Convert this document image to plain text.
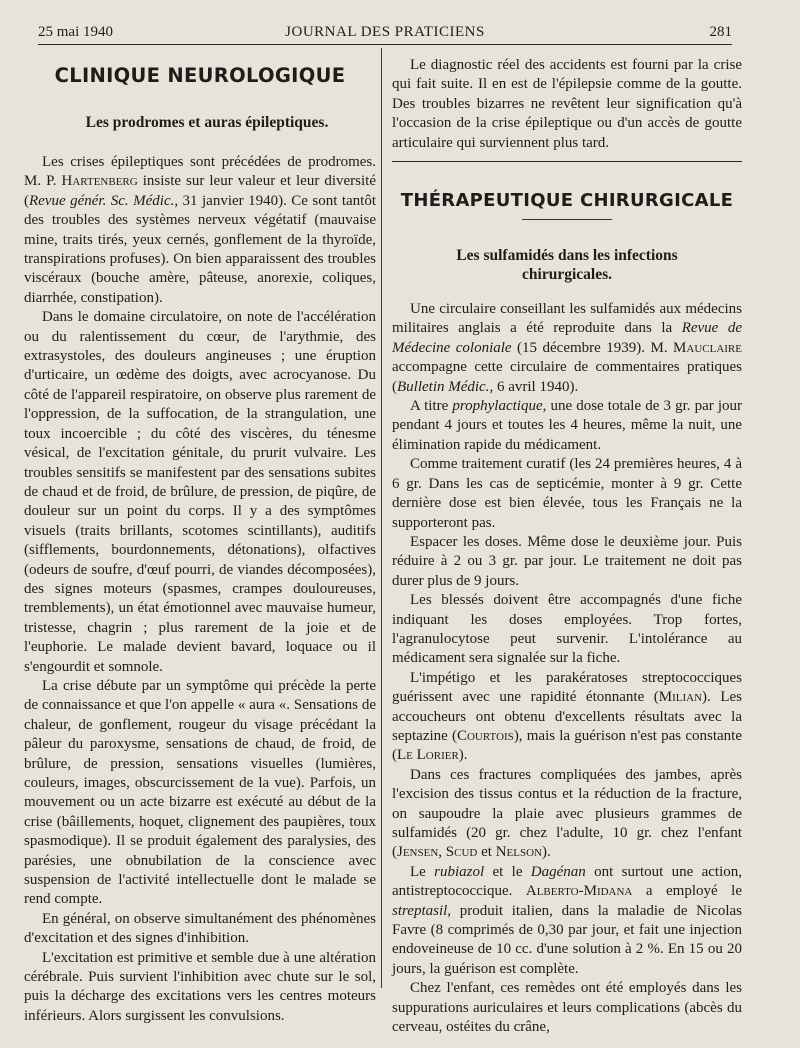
25 mai 1940	JOURNAL DES PRATICIENS	281
CLINIQUE NEUROLOGIQUE
Les prodromes et auras épileptiques.

Les crises épileptiques sont précédées de prodromes. M. P. Hartenberg insiste sur leur valeur et leur diversité (Revue génér. Sc. Médic., 31 janvier 1940). Ce sont tantôt des troubles des systèmes nerveux végétatif (mauvaise mine, traits tirés, yeux cernés, gonflement de la thyroïde, transpirations profuses). On bien apparaissent des troubles viscéraux (bouche amère, pâteuse, anorexie, coliques, diarrhée, constipation).

Dans le domaine circulatoire, on note de l'accélération ou du ralentissement du cœur, de l'arythmie, des extrasystoles, des douleurs angineuses ; une éruption d'urticaire, un œdème des doigts, avec acrocyanose. Du côté de l'appareil respiratoire, on observe plus rarement de l'oppression, de la suffocation, de la strangulation, une toux incoercible ; du côté des viscères, du ténesme vésical, de l'excitation génitale, du prurit vulvaire. Les troubles sensitifs se manifestent par des sensations subites de chaud et de froid, de brûlure, de pression, de piqûre, de douleur sur un point du corps. Il y a des symptômes visuels (traits brillants, scotomes scintillants), auditifs (sifflements, bourdonnements, détonations), olfactives (odeurs de soufre, d'œuf pourri, de viandes décomposées), des signes moteurs (spasmes, crampes douloureuses, tremblements), un état émotionnel avec mauvaise humeur, tristesse, chagrin ; plus rarement de la joie et de l'euphorie. Le malade devient bavard, loquace ou il s'engourdit et somnole.

La crise débute par un symptôme qui précède la perte de connaissance et que l'on appelle « aura «. Sensations de chaleur, de gonflement, rougeur du visage précédant la pâleur du paroxysme, sensations de chaud, de froid, de brûlure, de pression, sensations visuelles (lumières, couleurs, images, obscurcissement de la vue). Parfois, un mouvement ou un acte bizarre est exécuté au début de la crise (bâillements, hoquet, clignement des paupières, toux spasmodique). Il se produit également des paralysies, des parésies, une obnubilation de la conscience avec suspension de l'activité intellectuelle dont le malade se rend compte.

En général, on observe simultanément des phénomènes d'excitation et des signes d'inhibition.

L'excitation est primitive et semble due à une altération cérébrale. Puis survient l'inhibition avec chute sur le sol, puis la décharge des excitations vers les centres moteurs inférieurs. Alors surgissent les convulsions.

Le diagnostic réel des accidents est fourni par la crise qui fait suite. Il en est de l'épilepsie comme de la goutte. Des troubles bizarres ne revêtent leur signification qu'à l'occasion de la crise épileptique ou d'un accès de goutte articulaire qui surviennent plus tard.

THÉRAPEUTIQUE CHIRURGICALE
Les sulfamidés dans les infections chirurgicales.

Une circulaire conseillant les sulfamidés aux médecins militaires anglais a été reproduite dans la Revue de Médecine coloniale (15 décembre 1939). M. Mauclaire accompagne cette circulaire de commentaires pratiques (Bulletin Médic., 6 avril 1940).

A titre prophylactique, une dose totale de 3 gr. par jour pendant 4 jours et toutes les 4 heures, même la nuit, une élimination rapide du médicament.

Comme traitement curatif (les 24 premières heures, 4 à 6 gr. Dans les cas de septicémie, monter à 9 gr. Cette dernière dose est bien élevée, tous les Français ne la supporteront pas.

Espacer les doses. Même dose le deuxième jour. Puis réduire à 2 ou 3 gr. par jour. Le traitement ne doit pas durer plus de 9 jours.

Les blessés doivent être accompagnés d'une fiche indiquant les doses employées. Trop fortes, l'agranulocytose peut survenir. L'intolérance au médicament sera signalée sur la fiche.

L'impétigo et les parakératoses streptococciques guérissent avec une rapidité étonnante (Milian). Les accoucheurs ont obtenu d'excellents résultats avec la septazine (Courtois), mais la guérison n'est pas constante (Le Lorier).

Dans ces fractures compliquées des jambes, après l'excision des tissus contus et la réduction de la fracture, on saupoudre la plaie avec plusieurs grammes de sulfamidés (20 gr. chez l'adulte, 10 gr. chez l'enfant (Jensen, Scud et Nelson).

Le rubiazol et le Dagénan ont surtout une action, antistreptococcique. Alberto-Midana a employé le streptasil, produit italien, dans la maladie de Nicolas Favre (8 comprimés de 0,30 par jour, et fait une injection endoveineuse de 10 cc. d'une solution à 2 %. En 15 ou 20 jours, la guérison est complète.

Chez l'enfant, ces remèdes ont été employés dans les suppurations auriculaires et leurs complications (abcès du cerveau, ostéites du crâne,
